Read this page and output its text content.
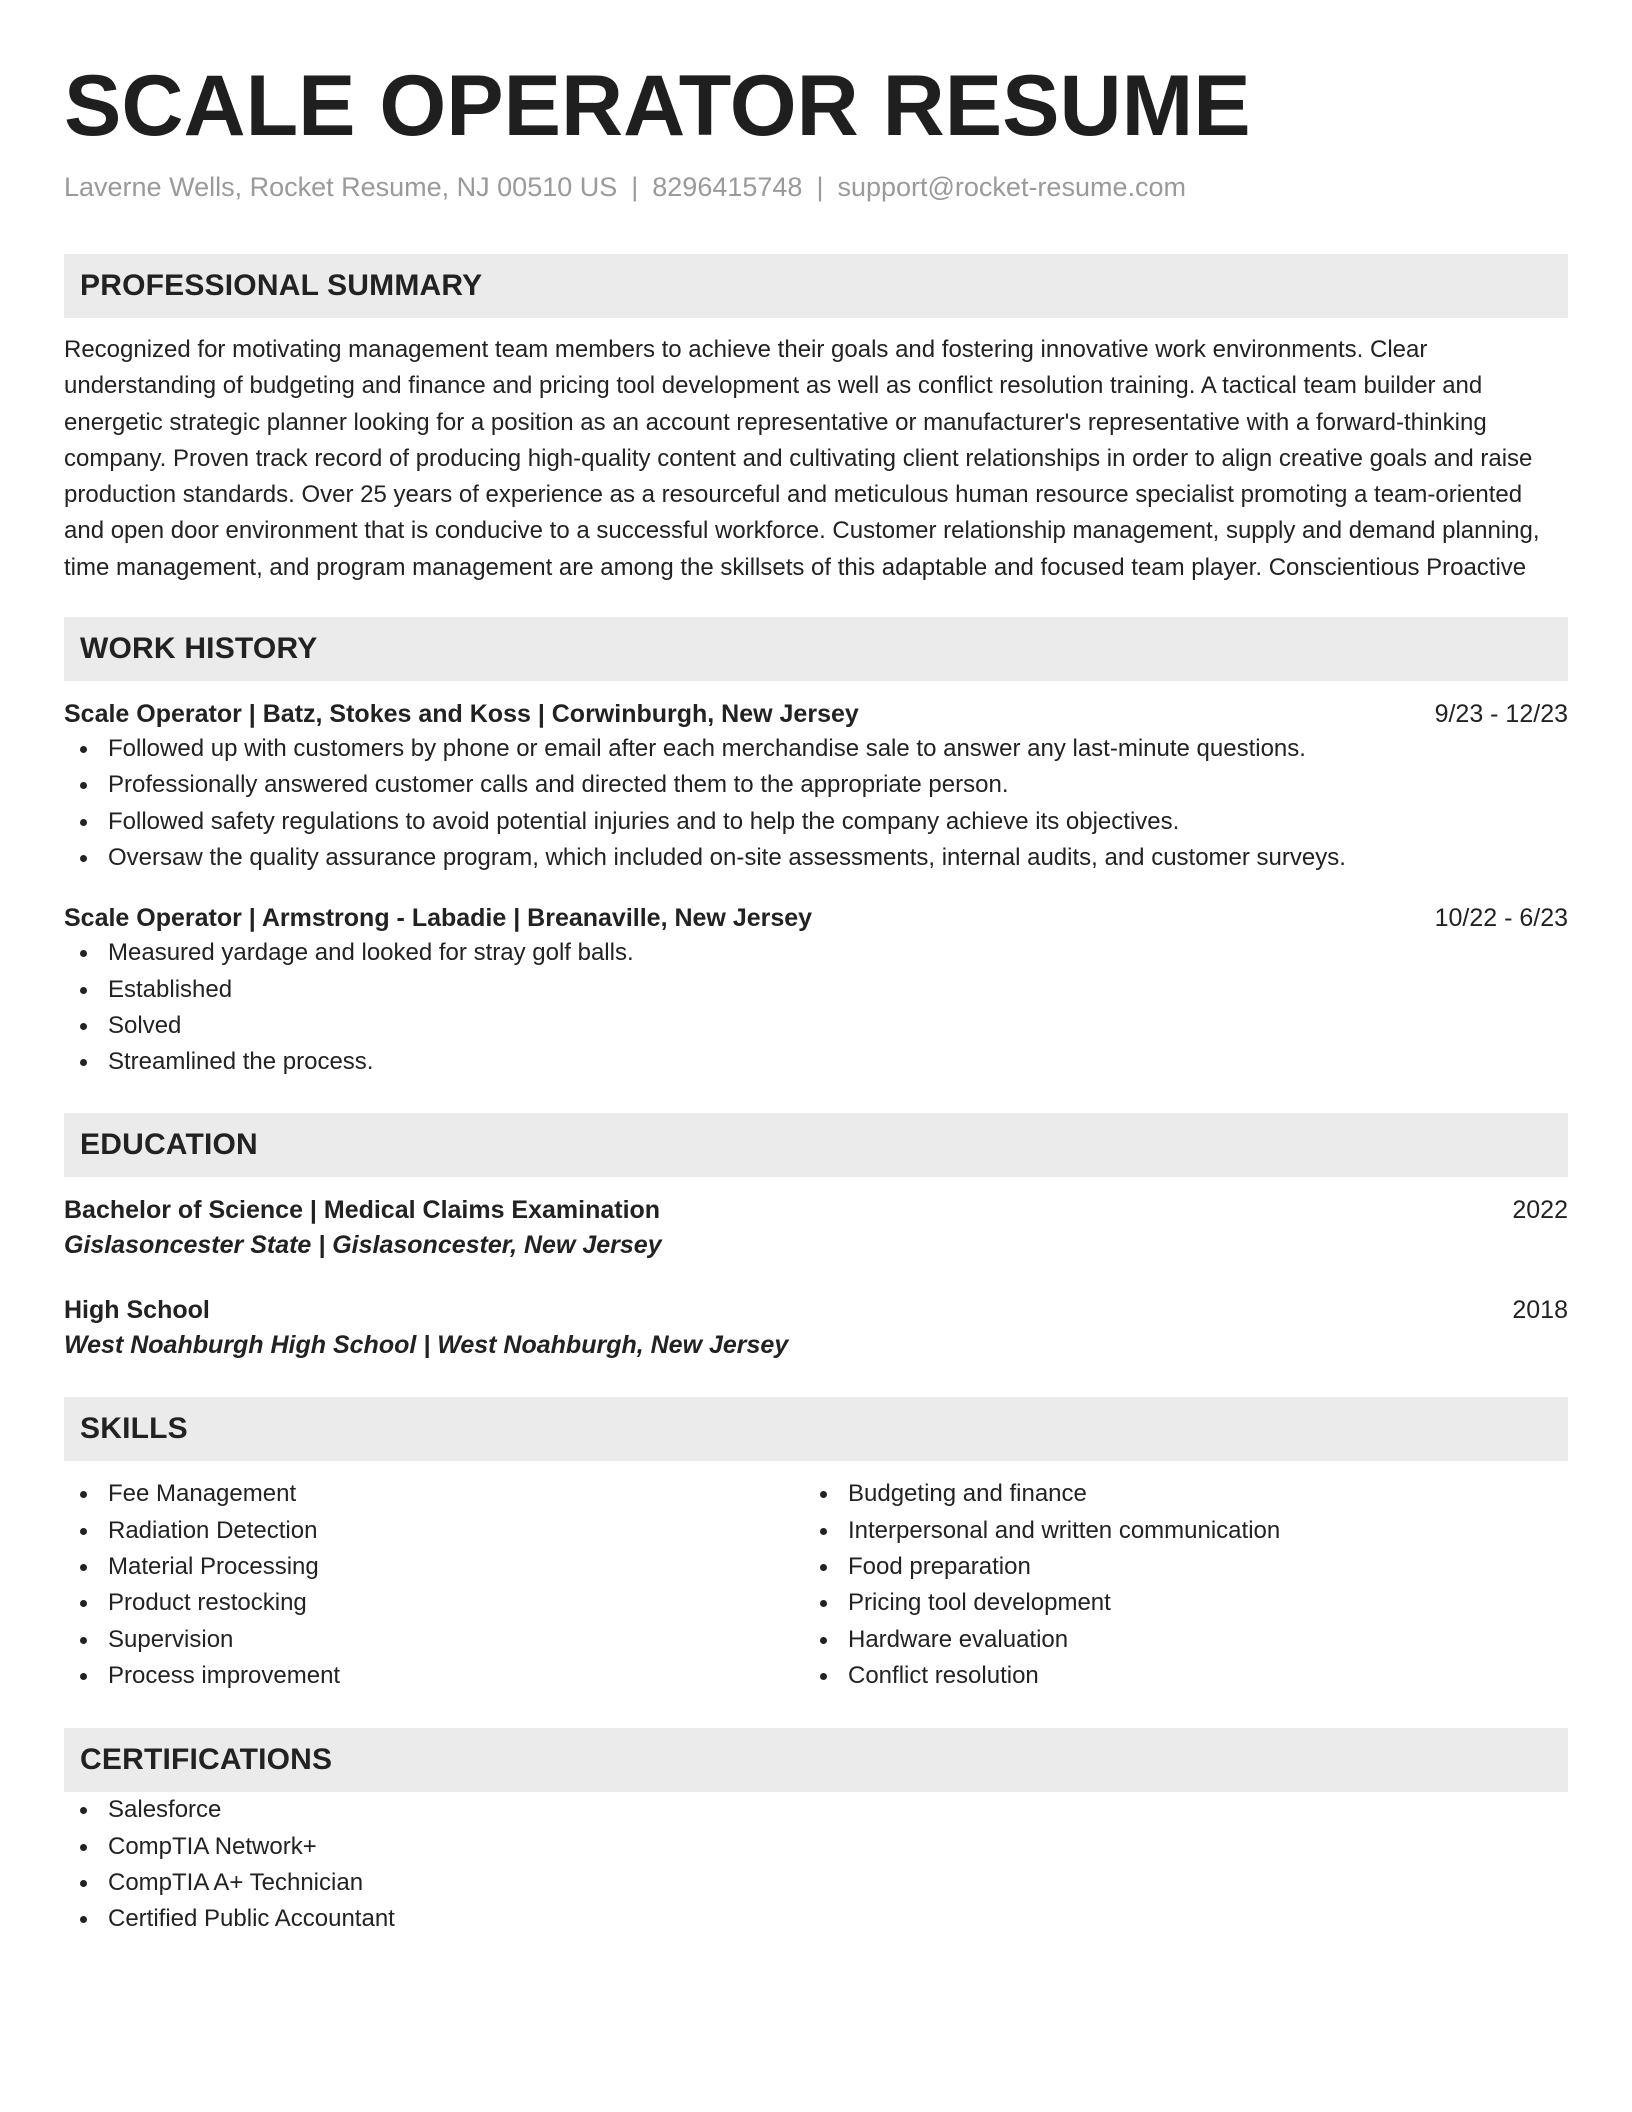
SCALE OPERATOR RESUME
Laverne Wells, Rocket Resume, NJ 00510 US | 8296415748 | support@rocket-resume.com
PROFESSIONAL SUMMARY
Recognized for motivating management team members to achieve their goals and fostering innovative work environments. Clear understanding of budgeting and finance and pricing tool development as well as conflict resolution training. A tactical team builder and energetic strategic planner looking for a position as an account representative or manufacturer's representative with a forward-thinking company. Proven track record of producing high-quality content and cultivating client relationships in order to align creative goals and raise production standards. Over 25 years of experience as a resourceful and meticulous human resource specialist promoting a team-oriented and open door environment that is conducive to a successful workforce. Customer relationship management, supply and demand planning, time management, and program management are among the skillsets of this adaptable and focused team player. Conscientious Proactive
WORK HISTORY
Scale Operator | Batz, Stokes and Koss | Corwinburgh, New Jersey	9/23 - 12/23
Followed up with customers by phone or email after each merchandise sale to answer any last-minute questions.
Professionally answered customer calls and directed them to the appropriate person.
Followed safety regulations to avoid potential injuries and to help the company achieve its objectives.
Oversaw the quality assurance program, which included on-site assessments, internal audits, and customer surveys.
Scale Operator | Armstrong - Labadie | Breanaville, New Jersey	10/22 - 6/23
Measured yardage and looked for stray golf balls.
Established
Solved
Streamlined the process.
EDUCATION
Bachelor of Science | Medical Claims Examination	2022
Gislasoncester State | Gislasoncester, New Jersey
High School	2018
West Noahburgh High School | West Noahburgh, New Jersey
SKILLS
Fee Management
Radiation Detection
Material Processing
Product restocking
Supervision
Process improvement
Budgeting and finance
Interpersonal and written communication
Food preparation
Pricing tool development
Hardware evaluation
Conflict resolution
CERTIFICATIONS
Salesforce
CompTIA Network+
CompTIA A+ Technician
Certified Public Accountant
